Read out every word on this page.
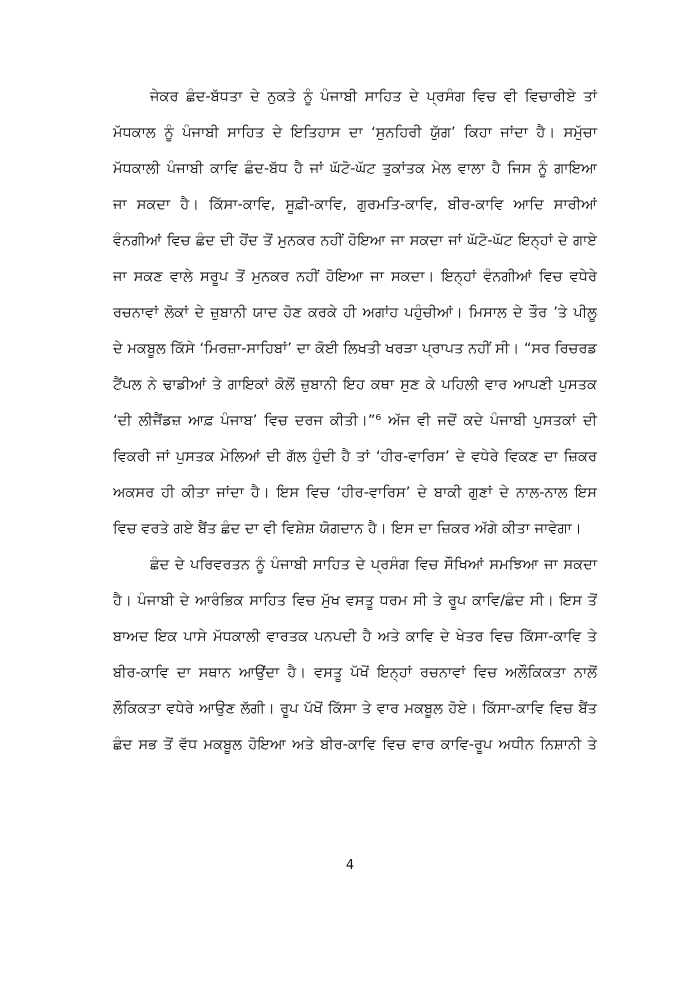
ਜੇਕਰ ਛੰਦ-ਬੱਧਤਾ ਦੇ ਨੁਕਤੇ ਨੂੰ ਪੰਜਾਬੀ ਸਾਹਿਤ ਦੇ ਪ੍ਰਸੰਗ ਵਿਚ ਵੀ ਵਿਚਾਰੀਏ ਤਾਂ
ਮੱਧਕਾਲ ਨੂੰ ਪੰਜਾਬੀ ਸਾਹਿਤ ਦੇ ਇਤਿਹਾਸ ਦਾ ‘ਸੁਨਹਿਰੀ ਯੁੱਗ’ ਕਿਹਾ ਜਾਂਦਾ ਹੈ। ਸਮੁੱਚਾ
ਮੱਧਕਾਲੀ ਪੰਜਾਬੀ ਕਾਵਿ ਛੰਦ-ਬੱਧ ਹੈ ਜਾਂ ਘੱਟੋ-ਘੱਟ ਤੁਕਾਂਤਕ ਮੇਲ ਵਾਲਾ ਹੈ ਜਿਸ ਨੂੰ ਗਾਇਆ
ਜਾ ਸਕਦਾ ਹੈ। ਕਿੱਸਾ-ਕਾਵਿ, ਸੂਫ਼ੀ-ਕਾਵਿ, ਗੁਰਮਤਿ-ਕਾਵਿ, ਬੀਰ-ਕਾਵਿ ਆਦਿ ਸਾਰੀਆਂ
ਵੰਨਗੀਆਂ ਵਿਚ ਛੰਦ ਦੀ ਹੋਂਦ ਤੋਂ ਮੁਨਕਰ ਨਹੀਂ ਹੋਇਆ ਜਾ ਸਕਦਾ ਜਾਂ ਘੱਟੋ-ਘੱਟ ਇਨ੍ਹਾਂ ਦੇ ਗਾਏ
ਜਾ ਸਕਣ ਵਾਲੇ ਸਰੂਪ ਤੋਂ ਮੁਨਕਰ ਨਹੀਂ ਹੋਇਆ ਜਾ ਸਕਦਾ। ਇਨ੍ਹਾਂ ਵੰਨਗੀਆਂ ਵਿਚ ਵਧੇਰੇ
ਰਚਨਾਵਾਂ ਲੋਕਾਂ ਦੇ ਜ਼ੁਬਾਨੀ ਯਾਦ ਹੋਣ ਕਰਕੇ ਹੀ ਅਗਾਂਹ ਪਹੁੰਚੀਆਂ। ਮਿਸਾਲ ਦੇ ਤੌਰ ’ਤੇ ਪੀਲੂ
ਦੇ ਮਕਬੂਲ ਕਿੱਸੇ ‘ਮਿਰਜ਼ਾ-ਸਾਹਿਬਾਂ’ ਦਾ ਕੋਈ ਲਿਖਤੀ ਖਰੜਾ ਪ੍ਰਾਪਤ ਨਹੀਂ ਸੀ। “ਸਰ ਰਿਚਰਡ
ਟੈਂਪਲ ਨੇ ਢਾਡੀਆਂ ਤੇ ਗਾਇਕਾਂ ਕੋਲੋਂ ਜ਼ੁਬਾਨੀ ਇਹ ਕਥਾ ਸੁਣ ਕੇ ਪਹਿਲੀ ਵਾਰ ਆਪਣੀ ਪੁਸਤਕ
‘ਦੀ ਲੀਜੈਂਡਜ਼ ਆਫ਼ ਪੰਜਾਬ’ ਵਿਚ ਦਰਜ ਕੀਤੀ।”⁶ ਅੱਜ ਵੀ ਜਦੋਂ ਕਦੇ ਪੰਜਾਬੀ ਪੁਸਤਕਾਂ ਦੀ
ਵਿਕਰੀ ਜਾਂ ਪੁਸਤਕ ਮੇਲਿਆਂ ਦੀ ਗੱਲ ਹੁੰਦੀ ਹੈ ਤਾਂ ‘ਹੀਰ-ਵਾਰਿਸ’ ਦੇ ਵਧੇਰੇ ਵਿਕਣ ਦਾ ਜ਼ਿਕਰ
ਅਕਸਰ ਹੀ ਕੀਤਾ ਜਾਂਦਾ ਹੈ। ਇਸ ਵਿਚ ‘ਹੀਰ-ਵਾਰਿਸ’ ਦੇ ਬਾਕੀ ਗੁਣਾਂ ਦੇ ਨਾਲ-ਨਾਲ ਇਸ
ਵਿਚ ਵਰਤੇ ਗਏ ਬੈਂਤ ਛੰਦ ਦਾ ਵੀ ਵਿਸ਼ੇਸ਼ ਯੋਗਦਾਨ ਹੈ। ਇਸ ਦਾ ਜ਼ਿਕਰ ਅੱਗੇ ਕੀਤਾ ਜਾਵੇਗਾ।
ਛੰਦ ਦੇ ਪਰਿਵਰਤਨ ਨੂੰ ਪੰਜਾਬੀ ਸਾਹਿਤ ਦੇ ਪ੍ਰਸੰਗ ਵਿਚ ਸੌਖਿਆਂ ਸਮਝਿਆ ਜਾ ਸਕਦਾ
ਹੈ। ਪੰਜਾਬੀ ਦੇ ਆਰੰਭਿਕ ਸਾਹਿਤ ਵਿਚ ਮੁੱਖ ਵਸਤੂ ਧਰਮ ਸੀ ਤੇ ਰੂਪ ਕਾਵਿ/ਛੰਦ ਸੀ। ਇਸ ਤੋਂ
ਬਾਅਦ ਇਕ ਪਾਸੇ ਮੱਧਕਾਲੀ ਵਾਰਤਕ ਪਨਪਦੀ ਹੈ ਅਤੇ ਕਾਵਿ ਦੇ ਖੇਤਰ ਵਿਚ ਕਿੱਸਾ-ਕਾਵਿ ਤੇ
ਬੀਰ-ਕਾਵਿ ਦਾ ਸਥਾਨ ਆਉਂਦਾ ਹੈ। ਵਸਤੂ ਪੱਖੋਂ ਇਨ੍ਹਾਂ ਰਚਨਾਵਾਂ ਵਿਚ ਅਲੌਕਿਕਤਾ ਨਾਲੋਂ
ਲੌਕਿਕਤਾ ਵਧੇਰੇ ਆਉਣ ਲੱਗੀ। ਰੂਪ ਪੱਖੋਂ ਕਿੱਸਾ ਤੇ ਵਾਰ ਮਕਬੂਲ ਹੋਏ। ਕਿੱਸਾ-ਕਾਵਿ ਵਿਚ ਬੈਂਤ
ਛੰਦ ਸਭ ਤੋਂ ਵੱਧ ਮਕਬੂਲ ਹੋਇਆ ਅਤੇ ਬੀਰ-ਕਾਵਿ ਵਿਚ ਵਾਰ ਕਾਵਿ-ਰੂਪ ਅਧੀਨ ਨਿਸ਼ਾਨੀ ਤੇ
4
